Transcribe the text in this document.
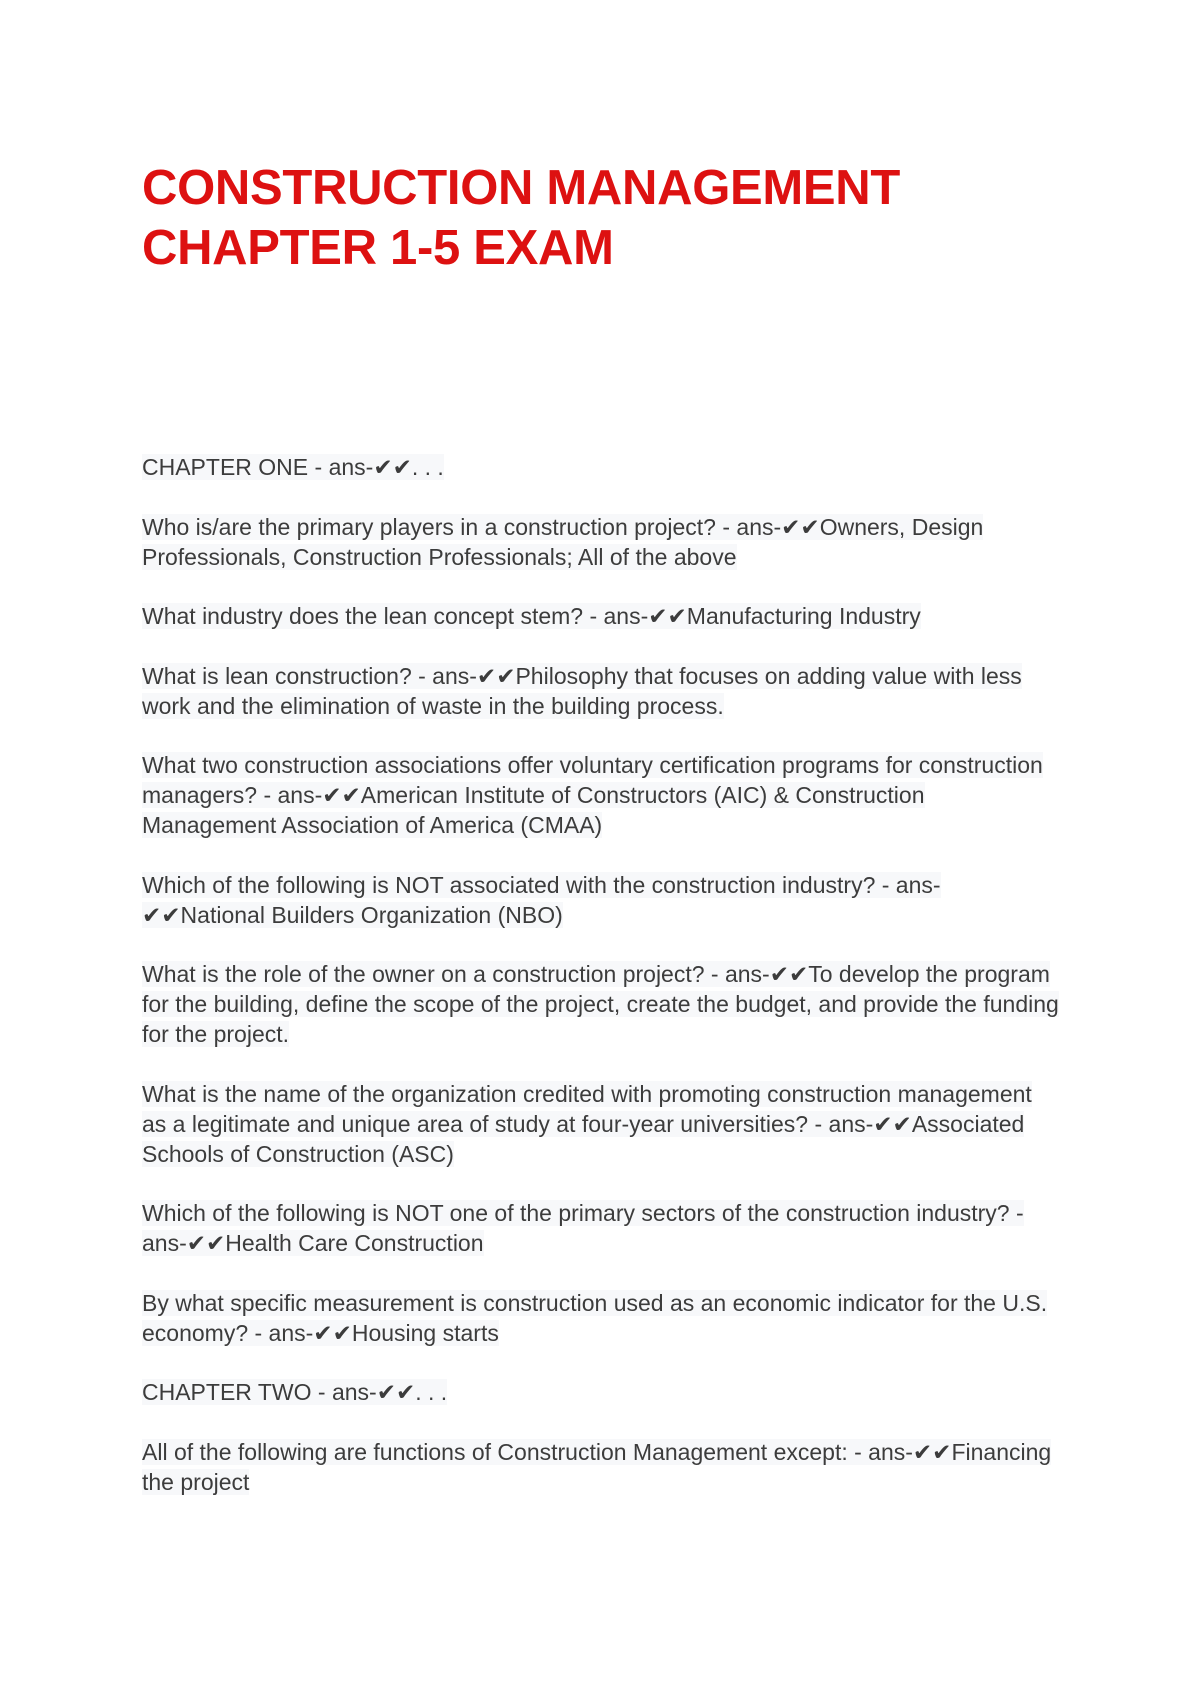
CONSTRUCTION MANAGEMENT
CHAPTER 1-5 EXAM
CHAPTER ONE - ans-✔✔. . .
Who is/are the primary players in a construction project? - ans-✔✔Owners, Design Professionals, Construction Professionals; All of the above
What industry does the lean concept stem? - ans-✔✔Manufacturing Industry
What is lean construction? - ans-✔✔Philosophy that focuses on adding value with less work and the elimination of waste in the building process.
What two construction associations offer voluntary certification programs for construction managers? - ans-✔✔American Institute of Constructors (AIC) & Construction Management Association of America (CMAA)
Which of the following is NOT associated with the construction industry? - ans-✔✔National Builders Organization (NBO)
What is the role of the owner on a construction project? - ans-✔✔To develop the program for the building, define the scope of the project, create the budget, and provide the funding for the project.
What is the name of the organization credited with promoting construction management as a legitimate and unique area of study at four-year universities? - ans-✔✔Associated Schools of Construction (ASC)
Which of the following is NOT one of the primary sectors of the construction industry? - ans-✔✔Health Care Construction
By what specific measurement is construction used as an economic indicator for the U.S. economy? - ans-✔✔Housing starts
CHAPTER TWO - ans-✔✔. . .
All of the following are functions of Construction Management except: - ans-✔✔Financing the project
